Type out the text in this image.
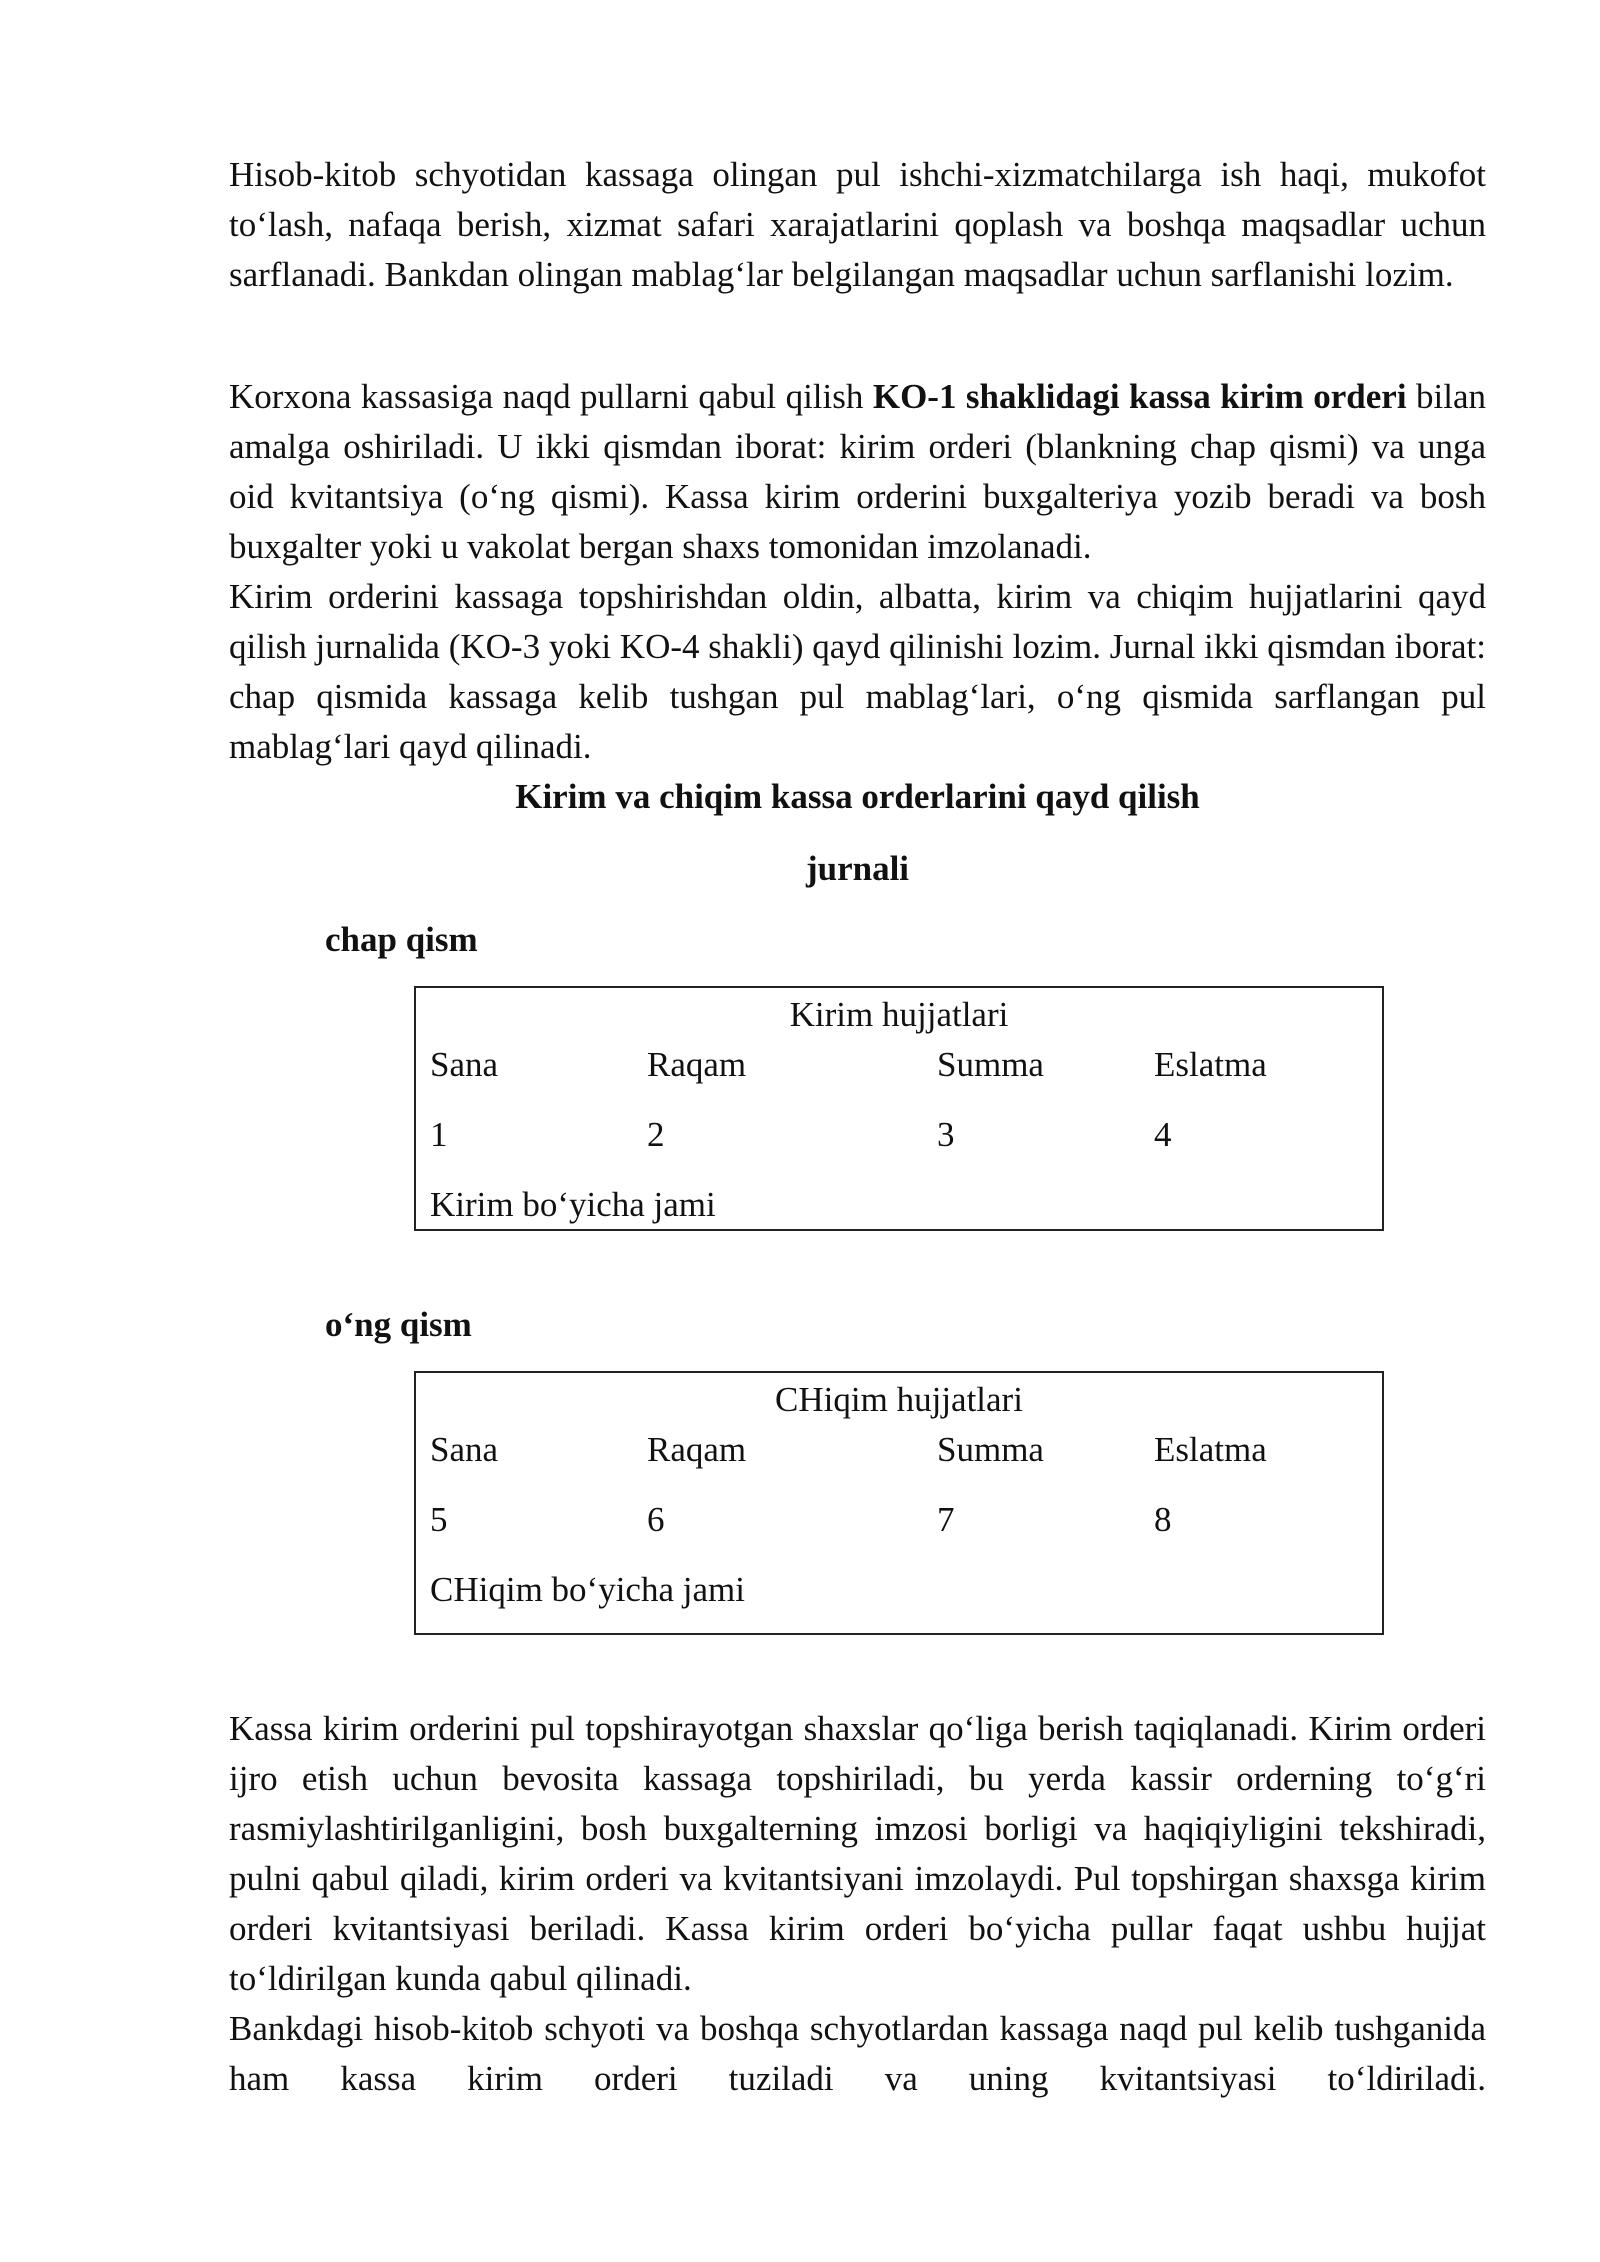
Hisob-kitob schyotidan kassaga olingan pul ishchi-xizmatchilarga ish haqi, mukofot to‘lash, nafaqa berish, xizmat safari xarajatlarini qoplash va boshqa maqsadlar uchun sarflanadi. Bankdan olingan mablag‘lar belgilangan maqsadlar uchun sarflanishi lozim.

Korxona kassasiga naqd pullarni qabul qilish KO-1 shaklidagi kassa kirim orderi bilan amalga oshiriladi. U ikki qismdan iborat: kirim orderi (blankning chap qismi) va unga oid kvitantsiya (o‘ng qismi). Kassa kirim orderini buxgalteriya yozib beradi va bosh buxgalter yoki u vakolat bergan shaxs tomonidan imzolanadi.

Kirim orderini kassaga topshirishdan oldin, albatta, kirim va chiqim hujjatlarini qayd qilish jurnalida (KO-3 yoki KO-4 shakli) qayd qilinishi lozim. Jurnal ikki qismdan iborat: chap qismida kassaga kelib tushgan pul mablag‘lari, o‘ng qismida sarflangan pul mablag‘lari qayd qilinadi.

Kirim va chiqim kassa orderlarini qayd qilish

jurnali

chap qism

Kirim hujjatlari
Sana	Raqam	Summa	Eslatma
1	2	3	4
Kirim bo‘yicha jami

o‘ng qism

CHiqim hujjatlari
Sana	Raqam	Summa	Eslatma
5	6	7	8
CHiqim bo‘yicha jami

Kassa kirim orderini pul topshirayotgan shaxslar qo‘liga berish taqiqlanadi. Kirim orderi ijro etish uchun bevosita kassaga topshiriladi, bu yerda kassir orderning to‘g‘ri rasmiylashtirilganligini, bosh buxgalterning imzosi borligi va haqiqiyligini tekshiradi, pulni qabul qiladi, kirim orderi va kvitantsiyani imzolaydi. Pul topshirgan shaxsga kirim orderi kvitantsiyasi beriladi. Kassa kirim orderi bo‘yicha pullar faqat ushbu hujjat to‘ldirilgan kunda qabul qilinadi.

Bankdagi hisob-kitob schyoti va boshqa schyotlardan kassaga naqd pul kelib tushganida ham kassa kirim orderi tuziladi va uning kvitantsiyasi to‘ldiriladi.
